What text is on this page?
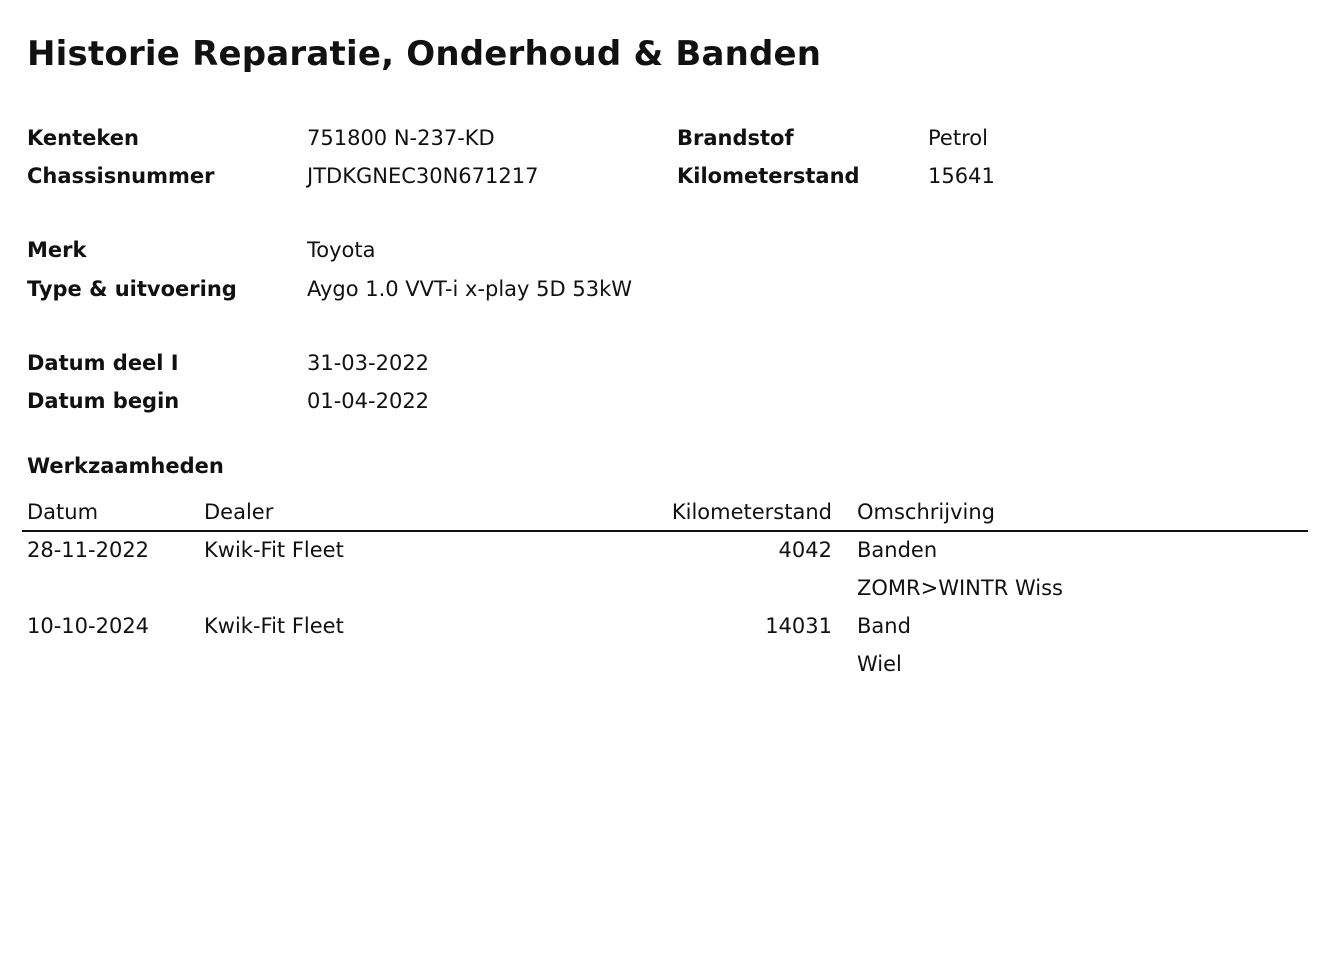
Historie Reparatie, Onderhoud & Banden
Kenteken	751800 N-237-KD	Brandstof	Petrol
Chassisnummer	JTDKGNEC30N671217	Kilometerstand	15641
Merk	Toyota
Type & uitvoering	Aygo 1.0 VVT-i x-play 5D 53kW
Datum deel I	31-03-2022
Datum begin	01-04-2022
Werkzaamheden
Datum	Dealer	Kilometerstand Omschrijving
28-11-2022	Kwik-Fit Fleet	4042 Banden
ZOMR>WINTR Wiss
10-10-2024	Kwik-Fit Fleet	14031 Band
Wiel
